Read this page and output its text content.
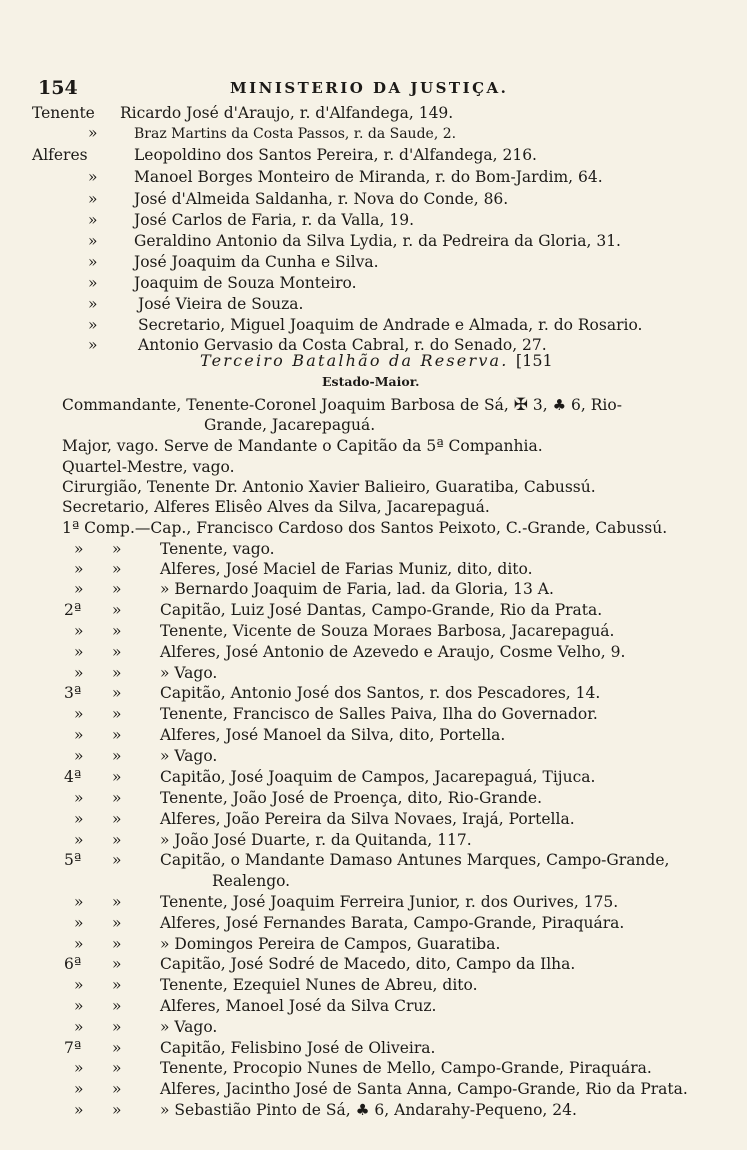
154	MINISTERIO DA JUSTIÇA.
Tenente Ricardo José d'Araujo, r. d'Alfandega, 149.
»	Braz Martins da Costa Passos, r. da Saude, 2.
Alferes	Leopoldino dos Santos Pereira, r. d'Alfandega, 216.
» Manoel Borges Monteiro de Miranda, r. do Bom-Jardim, 64.
» José d'Almeida Saldanha, r. Nova do Conde, 86.
» José Carlos de Faria, r. da Valla, 19.
» Geraldino Antonio da Silva Lydia, r. da Pedreira da Gloria, 31.
» José Joaquim da Cunha e Silva.
» Joaquim de Souza Monteiro.
»	José Vieira de Souza.
»	Secretario, Miguel Joaquim de Andrade e Almada, r. do Rosario.
»	Antonio Gervasio da Costa Cabral, r. do Senado, 27.
Terceiro Batalhão da Reserva. [151
Estado-Maior.
Commandante, Tenente-Coronel Joaquim Barbosa de Sá, ✠ 3, ♣ 6, Rio-
Grande, Jacarepaguá.
Major, vago. Serve de Mandante o Capitão da 5ª Companhia.
Quartel-Mestre, vago.
Cirurgião, Tenente Dr. Antonio Xavier Balieiro, Guaratiba, Cabussú.
Secretario, Alferes Elisêo Alves da Silva, Jacarepaguá.
1ª Comp.—Cap., Francisco Cardoso dos Santos Peixoto, C.-Grande, Cabussú.
» » Tenente, vago.
» » Alferes, José Maciel de Farias Muniz, dito, dito.
» » » Bernardo Joaquim de Faria, lad. da Gloria, 13 A.
2ª » Capitão, Luiz José Dantas, Campo-Grande, Rio da Prata.
» » Tenente, Vicente de Souza Moraes Barbosa, Jacarepaguá.
» » Alferes, José Antonio de Azevedo e Araujo, Cosme Velho, 9.
» » » Vago.
3ª » Capitão, Antonio José dos Santos, r. dos Pescadores, 14.
» » Tenente, Francisco de Salles Paiva, Ilha do Governador.
» » Alferes, José Manoel da Silva, dito, Portella.
» » » Vago.
4ª » Capitão, José Joaquim de Campos, Jacarepaguá, Tijuca.
» » Tenente, João José de Proença, dito, Rio-Grande.
» » Alferes, João Pereira da Silva Novaes, Irajá, Portella.
» » » João José Duarte, r. da Quitanda, 117.
5ª » Capitão, o Mandante Damaso Antunes Marques, Campo-Grande,
Realengo.
» » Tenente, José Joaquim Ferreira Junior, r. dos Ourives, 175.
» » Alferes, José Fernandes Barata, Campo-Grande, Piraquára.
» » » Domingos Pereira de Campos, Guaratiba.
6ª » Capitão, José Sodré de Macedo, dito, Campo da Ilha.
» » Tenente, Ezequiel Nunes de Abreu, dito.
» » Alferes, Manoel José da Silva Cruz.
» » » Vago.
7ª » Capitão, Felisbino José de Oliveira.
» » Tenente, Procopio Nunes de Mello, Campo-Grande, Piraquára.
» » Alferes, Jacintho José de Santa Anna, Campo-Grande, Rio da Prata.
» » » Sebastião Pinto de Sá, ♣ 6, Andarahy-Pequeno, 24.
